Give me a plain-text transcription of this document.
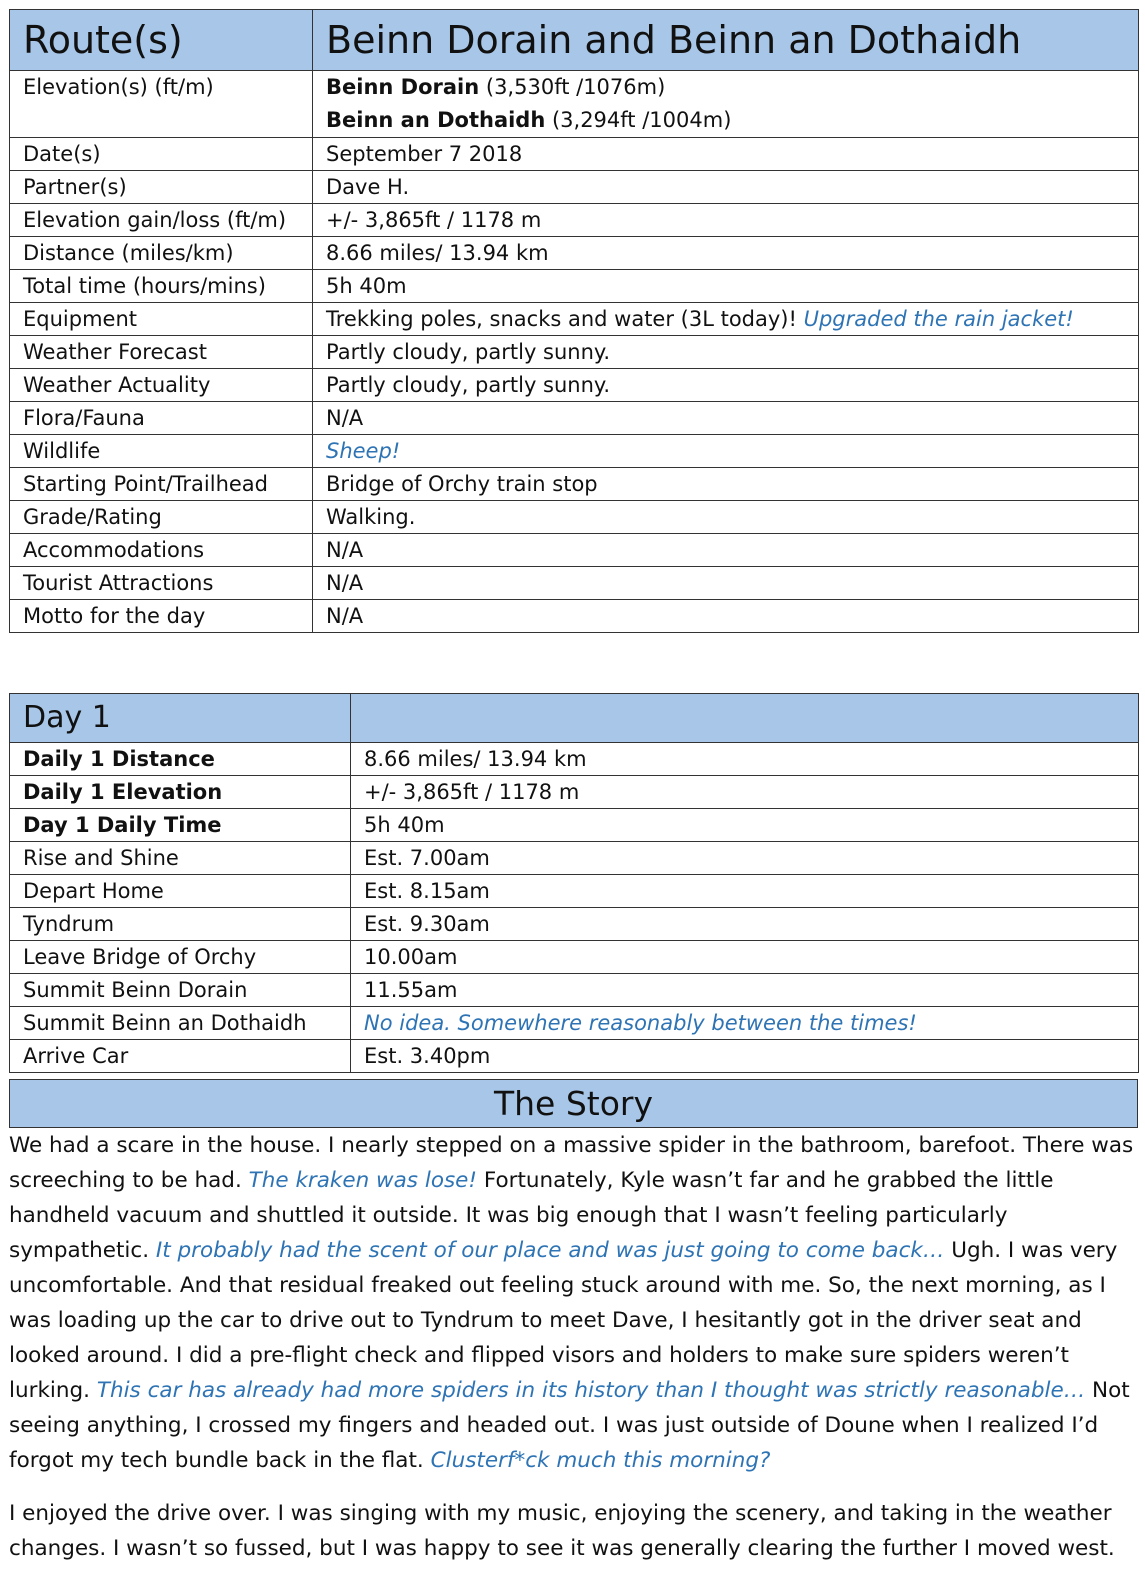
Route(s)	Beinn Dorain and Beinn an Dothaidh
Elevation(s) (ft/m)	Beinn Dorain (3,530ft /1076m)
Beinn an Dothaidh (3,294ft /1004m)
Date(s)	September 7 2018
Partner(s)	Dave H.
Elevation gain/loss (ft/m)	+/- 3,865ft / 1178 m
Distance (miles/km)	8.66 miles/ 13.94 km
Total time (hours/mins)	5h 40m
Equipment	Trekking poles, snacks and water (3L today)! Upgraded the rain jacket!
Weather Forecast	Partly cloudy, partly sunny.
Weather Actuality	Partly cloudy, partly sunny.
Flora/Fauna	N/A
Wildlife	Sheep!
Starting Point/Trailhead	Bridge of Orchy train stop
Grade/Rating	Walking.
Accommodations	N/A
Tourist Attractions	N/A
Motto for the day	N/A
Day 1	
Daily 1 Distance	8.66 miles/ 13.94 km
Daily 1 Elevation	+/- 3,865ft / 1178 m
Day 1 Daily Time	5h 40m
Rise and Shine	Est. 7.00am
Depart Home	Est. 8.15am
Tyndrum	Est. 9.30am
Leave Bridge of Orchy	10.00am
Summit Beinn Dorain	11.55am
Summit Beinn an Dothaidh	No idea. Somewhere reasonably between the times!
Arrive Car	Est. 3.40pm
The Story

We had a scare in the house. I nearly stepped on a massive spider in the bathroom, barefoot. There was screeching to be had. The kraken was lose! Fortunately, Kyle wasn’t far and he grabbed the little handheld vacuum and shuttled it outside. It was big enough that I wasn’t feeling particularly sympathetic. It probably had the scent of our place and was just going to come back… Ugh. I was very uncomfortable. And that residual freaked out feeling stuck around with me. So, the next morning, as I was loading up the car to drive out to Tyndrum to meet Dave, I hesitantly got in the driver seat and looked around. I did a pre-flight check and flipped visors and holders to make sure spiders weren’t lurking. This car has already had more spiders in its history than I thought was strictly reasonable… Not seeing anything, I crossed my fingers and headed out. I was just outside of Doune when I realized I’d forgot my tech bundle back in the flat. Clusterf*ck much this morning?

I enjoyed the drive over. I was singing with my music, enjoying the scenery, and taking in the weather changes. I wasn’t so fussed, but I was happy to see it was generally clearing the further I moved west.
